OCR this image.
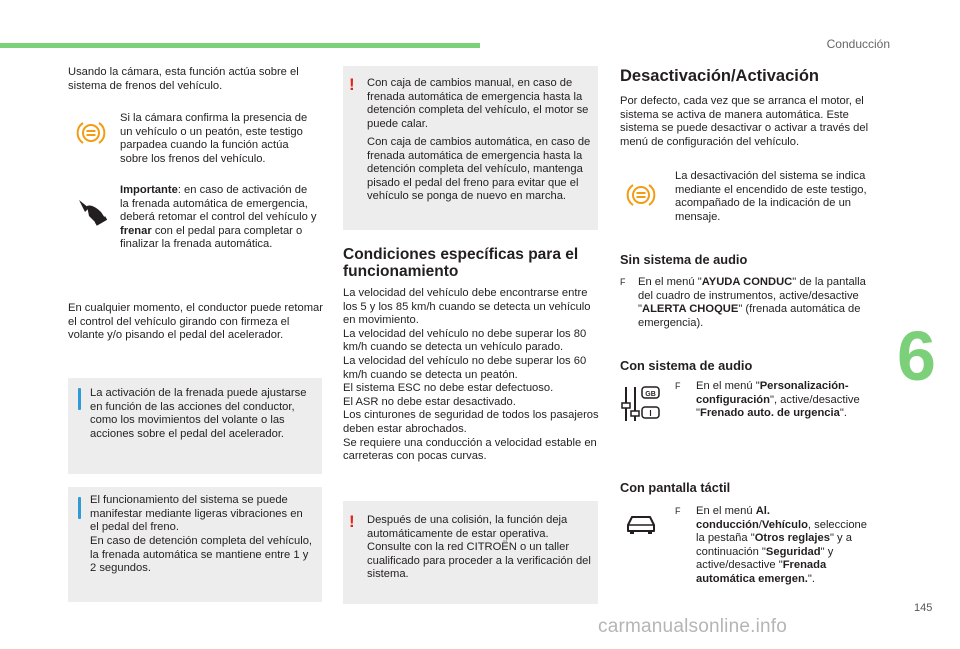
Conducción

Usando la cámara, esta función actúa sobre el sistema de frenos del vehículo.

Si la cámara confirma la presencia de un vehículo o un peatón, este testigo parpadea cuando la función actúa sobre los frenos del vehículo.

Importante: en caso de activación de la frenada automática de emergencia, deberá retomar el control del vehículo y frenar con el pedal para completar o finalizar la frenada automática.

En cualquier momento, el conductor puede retomar el control del vehículo girando con firmeza el volante y/o pisando el pedal del acelerador.

La activación de la frenada puede ajustarse en función de las acciones del conductor, como los movimientos del volante o las acciones sobre el pedal del acelerador.

El funcionamiento del sistema se puede manifestar mediante ligeras vibraciones en el pedal del freno.

En caso de detención completa del vehículo, la frenada automática se mantiene entre 1 y 2 segundos.

! Con caja de cambios manual, en caso de frenada automática de emergencia hasta la detención completa del vehículo, el motor se puede calar.

Con caja de cambios automática, en caso de frenada automática de emergencia hasta la detención completa del vehículo, mantenga pisado el pedal del freno para evitar que el vehículo se ponga de nuevo en marcha.

Condiciones específicas para el funcionamiento

La velocidad del vehículo debe encontrarse entre los 5 y los 85 km/h cuando se detecta un vehículo en movimiento.

La velocidad del vehículo no debe superar los 80 km/h cuando se detecta un vehículo parado.

La velocidad del vehículo no debe superar los 60 km/h cuando se detecta un peatón.

El sistema ESC no debe estar defectuoso.

El ASR no debe estar desactivado.

Los cinturones de seguridad de todos los pasajeros deben estar abrochados.

Se requiere una conducción a velocidad estable en carreteras con pocas curvas.

! Después de una colisión, la función deja automáticamente de estar operativa. Consulte con la red CITROËN o un taller cualificado para proceder a la verificación del sistema.

Desactivación/Activación

Por defecto, cada vez que se arranca el motor, el sistema se activa de manera automática. Este sistema se puede desactivar o activar a través del menú de configuración del vehículo.

La desactivación del sistema se indica mediante el encendido de este testigo, acompañado de la indicación de un mensaje.

Sin sistema de audio
F En el menú "AYUDA CONDUC" de la pantalla del cuadro de instrumentos, active/desactive "ALERTA CHOQUE" (frenada automática de emergencia).

Con sistema de audio
GB
I
F En el menú "Personalización-configuración", active/desactive "Frenado auto. de urgencia".

Con pantalla táctil
F En el menú Al. conducción/Vehículo, seleccione la pestaña "Otros reglajes" y a continuación "Seguridad" y active/desactive "Frenada automática emergen.".

6
145
carmanualsonline.info
